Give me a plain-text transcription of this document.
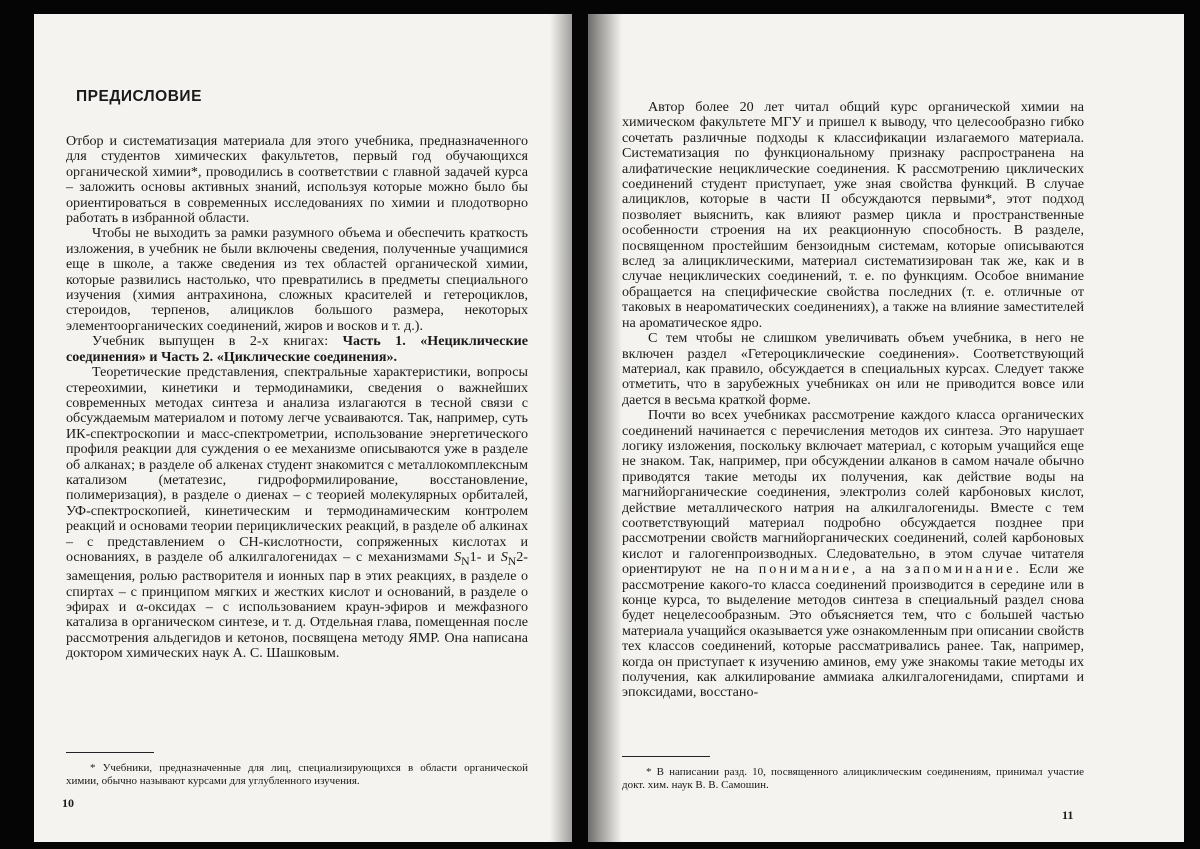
ПРЕДИСЛОВИЕ

Отбор и систематизация материала для этого учебника, предназначенного для студентов химических факультетов, первый год обучающихся органической химии*, проводились в соответствии с главной задачей курса – заложить основы активных знаний, используя которые можно было бы ориентироваться в современных исследованиях по химии и плодотворно работать в избранной области.

Чтобы не выходить за рамки разумного объема и обеспечить краткость изложения, в учебник не были включены сведения, полученные учащимися еще в школе, а также сведения из тех областей органической химии, которые развились настолько, что превратились в предметы специального изучения (химия антрахинона, сложных красителей и гетероциклов, стероидов, терпенов, алициклов большого размера, некоторых элементоорганических соединений, жиров и восков и т. д.).

Учебник выпущен в 2-х книгах: Часть 1. «Нециклические соединения» и Часть 2. «Циклические соединения».

Теоретические представления, спектральные характеристики, вопросы стереохимии, кинетики и термодинамики, сведения о важнейших современных методах синтеза и анализа излагаются в тесной связи с обсуждаемым материалом и потому легче усваиваются. Так, например, суть ИК-спектроскопии и масс-спектрометрии, использование энергетического профиля реакции для суждения о ее механизме описываются уже в разделе об алканах; в разделе об алкенах студент знакомится с металлокомплексным катализом (метатезис, гидроформилирование, восстановление, полимеризация), в разделе о диенах – с теорией молекулярных орбиталей, УФ-спектроскопией, кинетическим и термодинамическим контролем реакций и основами теории перициклических реакций, в разделе об алкинах – с представлением о СН-кислотности, сопряженных кислотах и основаниях, в разделе об алкилгалогенидах – с механизмами $S_N1-$ и $S_N2$-замещения, ролью растворителя и ионных пар в этих реакциях, в разделе о спиртах – с принципом мягких и жестких кислот и оснований, в разделе о эфирах и α-оксидах – с использованием краун-эфиров и межфазного катализа в органическом синтезе, и т. д. Отдельная глава, помещенная после рассмотрения альдегидов и кетонов, посвящена методу ЯМР. Она написана доктором химических наук А. С. Шашковым.

* Учебники, предназначенные для лиц, специализирующихся в области органической химии, обычно называют курсами для углубленного изучения.
10

Автор более 20 лет читал общий курс органической химии на химическом факультете МГУ и пришел к выводу, что целесообразно гибко сочетать различные подходы к классификации излагаемого материала. Систематизация по функциональному признаку распространена на алифатические нециклические соединения. К рассмотрению циклических соединений студент приступает, уже зная свойства функций. В случае алициклов, которые в части II обсуждаются первыми*, этот подход позволяет выяснить, как влияют размер цикла и пространственные особенности строения на их реакционную способность. В разделе, посвященном простейшим бензоидным системам, которые описываются вслед за алициклическими, материал систематизирован так же, как и в случае нециклических соединений, т. е. по функциям. Особое внимание обращается на специфические свойства последних (т. е. отличные от таковых в неароматических соединениях), а также на влияние заместителей на ароматическое ядро.

С тем чтобы не слишком увеличивать объем учебника, в него не включен раздел «Гетероциклические соединения». Соответствующий материал, как правило, обсуждается в специальных курсах. Следует также отметить, что в зарубежных учебниках он или не приводится вовсе или дается в весьма краткой форме.

Почти во всех учебниках рассмотрение каждого класса органических соединений начинается с перечисления методов их синтеза. Это нарушает логику изложения, поскольку включает материал, с которым учащийся еще не знаком. Так, например, при обсуждении алканов в самом начале обычно приводятся такие методы их получения, как действие воды на магнийорганические соединения, электролиз солей карбоновых кислот, действие металлического натрия на алкилгалогениды. Вместе с тем соответствующий материал подробно обсуждается позднее при рассмотрении свойств магнийорганических соединений, солей карбоновых кислот и галогенпроизводных. Следовательно, в этом случае читателя ориентируют не на понимание, а на запоминание. Если же рассмотрение какого-то класса соединений производится в середине или в конце курса, то выделение методов синтеза в специальный раздел снова будет нецелесообразным. Это объясняется тем, что с большей частью материала учащийся оказывается уже ознакомленным при описании свойств тех классов соединений, которые рассматривались ранее. Так, например, когда он приступает к изучению аминов, ему уже знакомы такие методы их получения, как алкилирование аммиака алкилгалогенидами, спиртами и эпоксидами, восстано-

* В написании разд. 10, посвященного алициклическим соединениям, принимал участие докт. хим. наук В. В. Самошин.
11
